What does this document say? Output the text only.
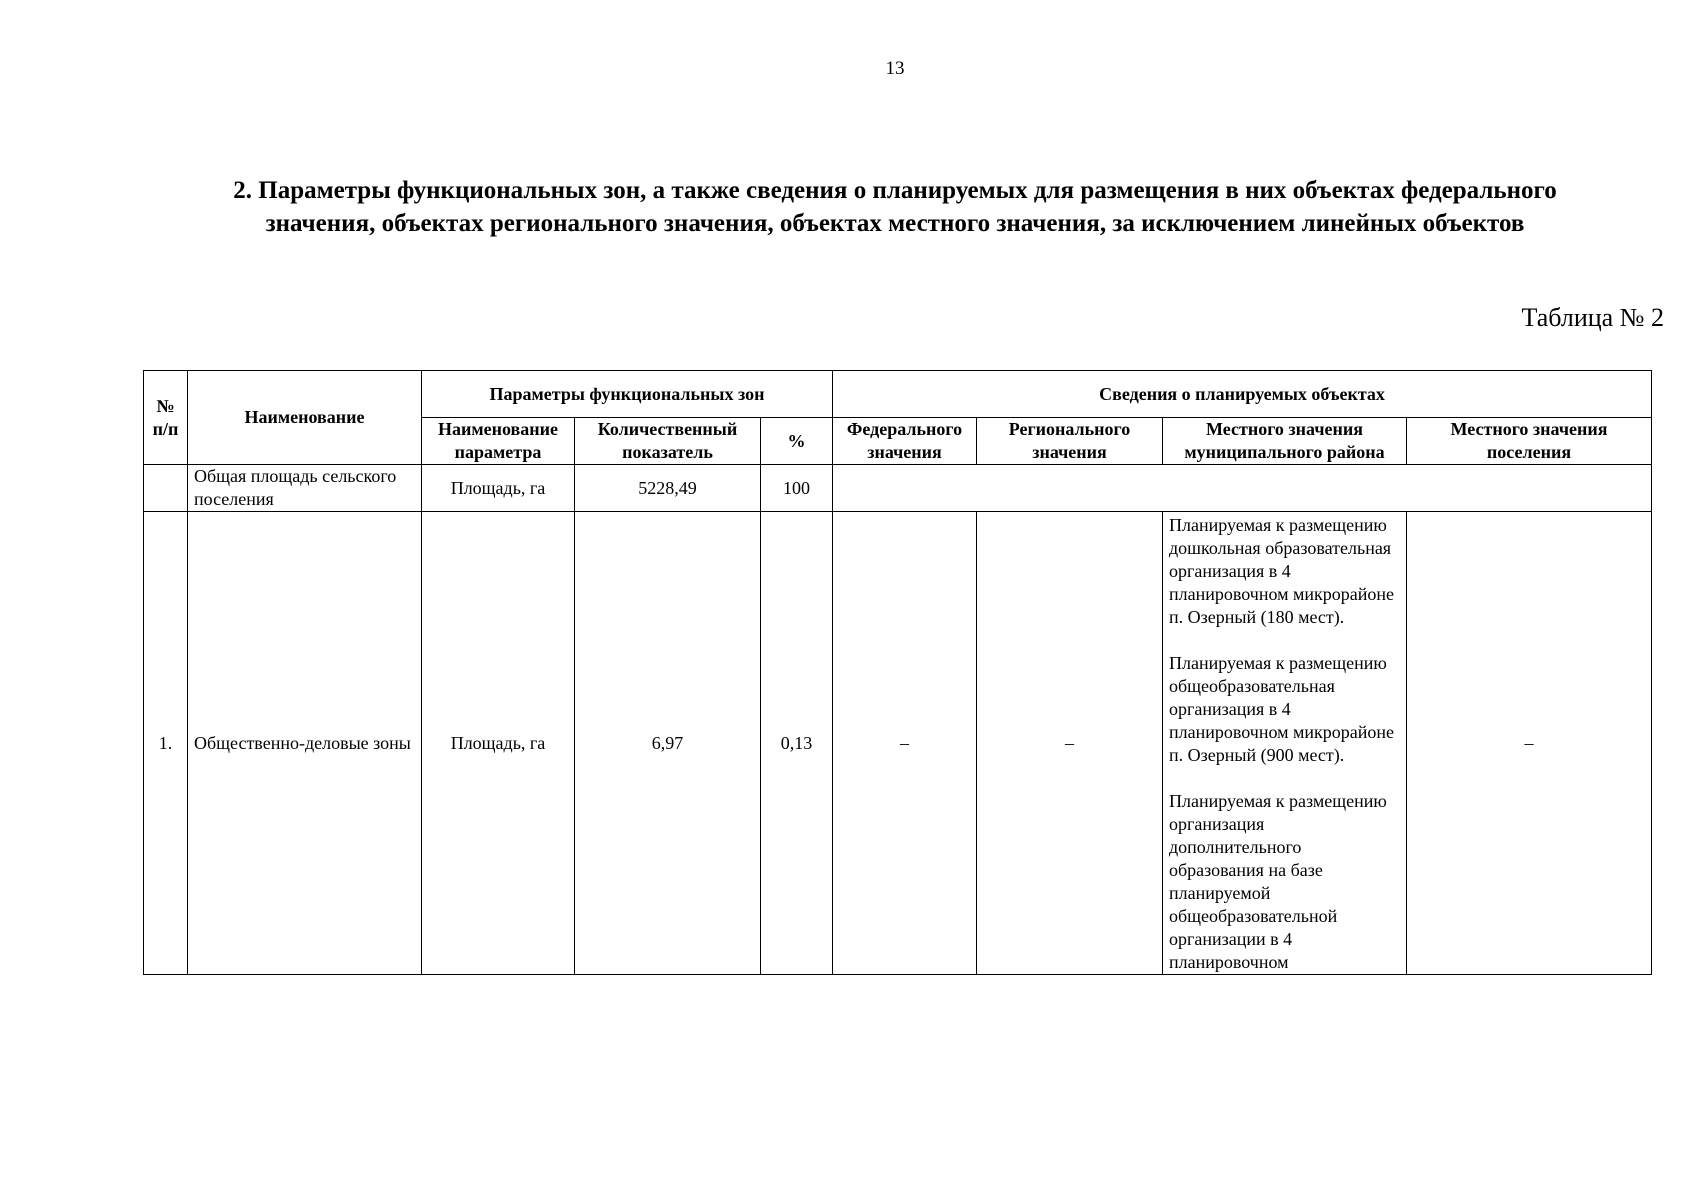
13
2. Параметры функциональных зон, а также сведения о планируемых для размещения в них объектах федерального значения, объектах регионального значения, объектах местного значения, за исключением линейных объектов
Таблица № 2
№ п/п	Наименование	Параметры функциональных зон			Сведения о планируемых объектах			
		Наименование параметра	Количественный показатель	%	Федерального значения	Регионального значения	Местного значения муниципального района	Местного значения поселения
	Общая площадь сельского поселения	Площадь, га	5228,49	100				
1.	Общественно-деловые зоны	Площадь, га	6,97	0,13	–	–	Планируемая к размещению дошкольная образовательная организация в 4 планировочном микрорайоне п. Озерный (180 мест).
Планируемая к размещению общеобразовательная организация в 4 планировочном микрорайоне п. Озерный (900 мест).
Планируемая к размещению организация дополнительного образования на базе планируемой общеобразовательной организации в 4 планировочном	–
